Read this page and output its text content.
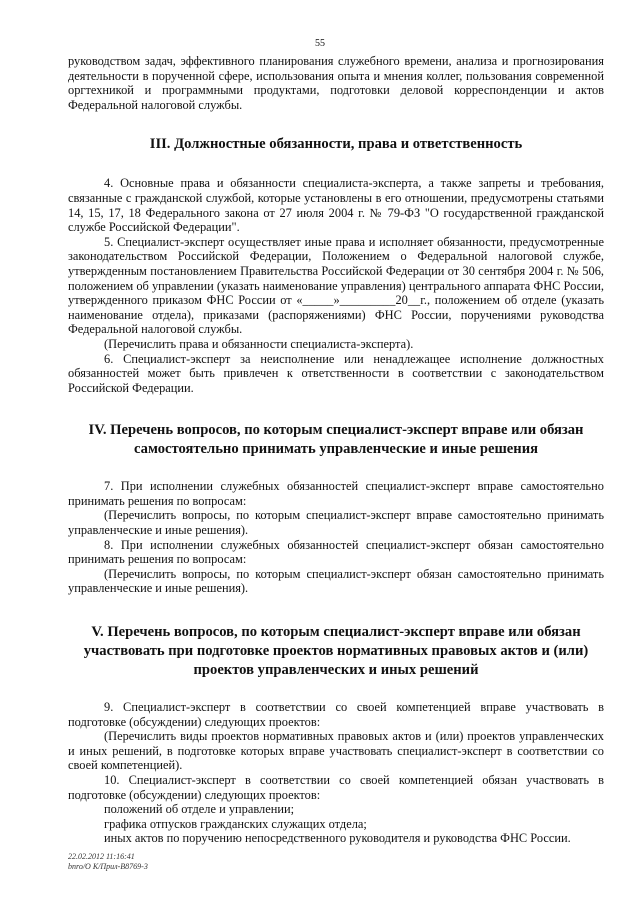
55

руководством задач, эффективного планирования служебного времени, анализа и прогнозирования деятельности в порученной сфере, использования опыта и мнения коллег, пользования современной оргтехникой и программными продуктами, подготовки деловой корреспонденции и актов Федеральной налоговой службы.

III. Должностные обязанности, права и ответственность

4. Основные права и обязанности специалиста-эксперта, а также запреты и требования, связанные с гражданской службой, которые установлены в его отношении, предусмотрены статьями 14, 15, 17, 18 Федерального закона от 27 июля 2004 г. № 79-ФЗ "О государственной гражданской службе Российской Федерации".

5. Специалист-эксперт осуществляет иные права и исполняет обязанности, предусмотренные законодательством Российской Федерации, Положением о Федеральной налоговой службе, утвержденным постановлением Правительства Российской Федерации от 30 сентября 2004 г. № 506, положением об управлении (указать наименование управления) центрального аппарата ФНС России, утвержденного приказом ФНС России от «_____»_________20__г., положением об отделе (указать наименование отдела), приказами (распоряжениями) ФНС России, поручениями руководства Федеральной налоговой службы.

(Перечислить права и обязанности специалиста-эксперта).

6. Специалист-эксперт за неисполнение или ненадлежащее исполнение должностных обязанностей может быть привлечен к ответственности в соответствии с законодательством Российской Федерации.

IV. Перечень вопросов, по которым специалист-эксперт вправе или обязан
самостоятельно принимать управленческие и иные решения

7. При исполнении служебных обязанностей специалист-эксперт вправе самостоятельно принимать решения по вопросам:

(Перечислить вопросы, по которым специалист-эксперт вправе самостоятельно принимать управленческие и иные решения).

8. При исполнении служебных обязанностей специалист-эксперт обязан самостоятельно принимать решения по вопросам:

(Перечислить вопросы, по которым специалист-эксперт обязан самостоятельно принимать управленческие и иные решения).

V. Перечень вопросов, по которым специалист-эксперт вправе или обязан
участвовать при подготовке проектов нормативных правовых актов и (или)
проектов управленческих и иных решений

9. Специалист-эксперт в соответствии со своей компетенцией вправе участвовать в подготовке (обсуждении) следующих проектов:

(Перечислить виды проектов нормативных правовых актов и (или) проектов управленческих и иных решений, в подготовке которых вправе участвовать специалист-эксперт в соответствии со своей компетенцией).

10. Специалист-эксперт в соответствии со своей компетенцией обязан участвовать в подготовке (обсуждении) следующих проектов:

положений об отделе и управлении;

графика отпусков гражданских служащих отдела;

иных актов по поручению непосредственного руководителя и руководства ФНС России.

22.02.2012 11:16:41
bnro/O К/Прил-В8769-3
